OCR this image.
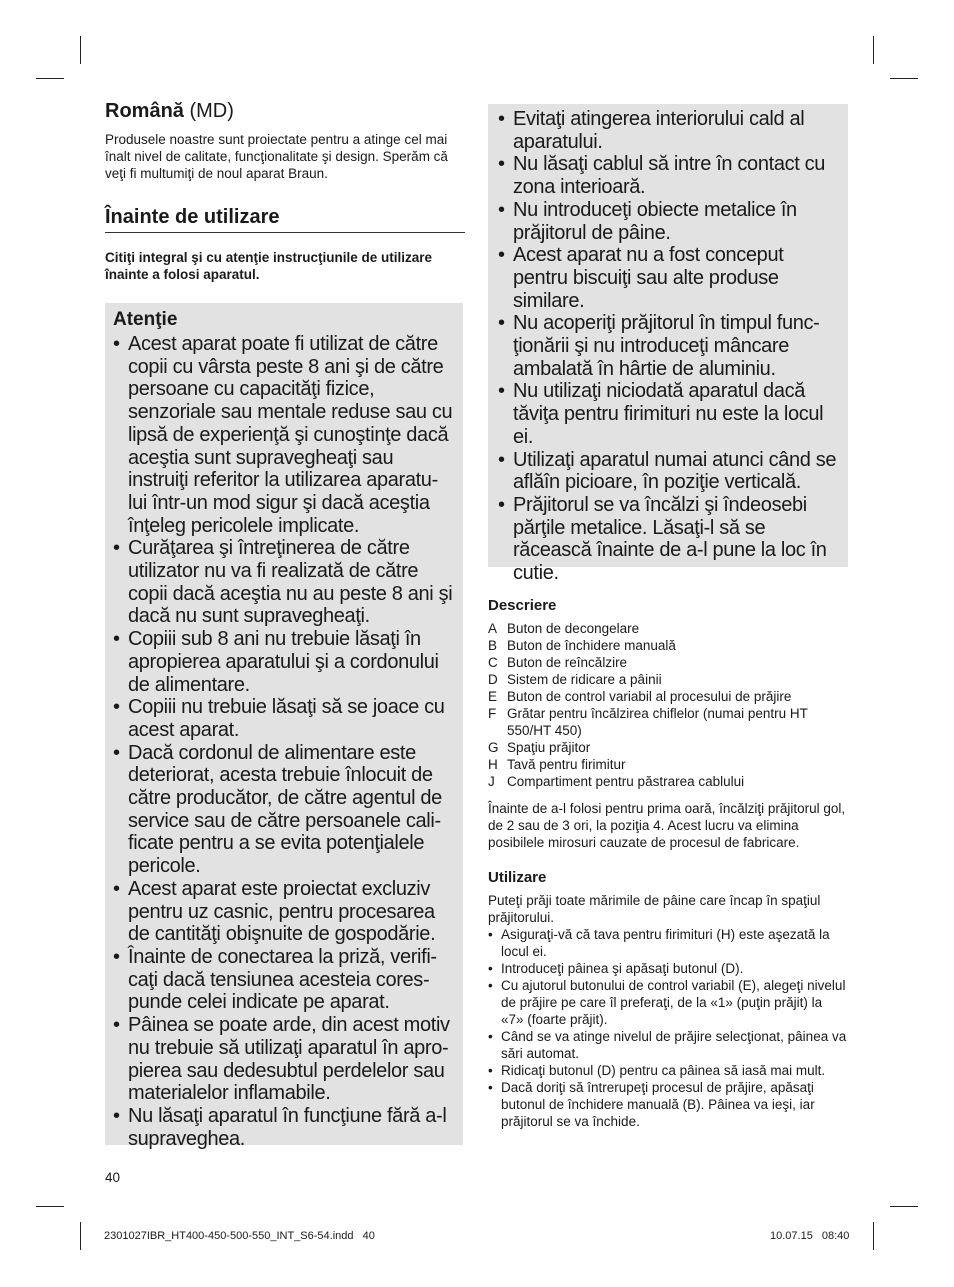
Română (MD)

Produsele noastre sunt proiectate pentru a atinge cel mai înalt nivel de calitate, funcţionalitate şi design. Sperăm că veţi fi multumiţi de noul aparat Braun.

Înainte de utilizare

Citiţi integral şi cu atenţie instrucţiunile de utilizare înainte a folosi aparatul.

Atenţie
• Acest aparat poate fi utilizat de către copii cu vârsta peste 8 ani şi de către persoane cu capacităţi fizice, senzoriale sau mentale reduse sau cu lipsă de experienţă şi cunoştinţe dacă aceştia sunt supravegheaţi sau instruiţi referitor la utilizarea aparatu-lui într-un mod sigur şi dacă aceştia înţeleg pericolele implicate.
• Curăţarea şi întreţinerea de către utilizator nu va fi realizată de către copii dacă aceştia nu au peste 8 ani şi dacă nu sunt supravegheaţi.
• Copiii sub 8 ani nu trebuie lăsaţi în apropierea aparatului şi a cordonului de alimentare.
• Copiii nu trebuie lăsaţi să se joace cu acest aparat.
• Dacă cordonul de alimentare este deteriorat, acesta trebuie înlocuit de către producător, de către agentul de service sau de către persoanele cali-ficate pentru a se evita potenţialele pericole.
• Acest aparat este proiectat excluziv pentru uz casnic, pentru procesarea de cantităţi obişnuite de gospodărie.
• Înainte de conectarea la priză, verifi-caţi dacă tensiunea acesteia cores-punde celei indicate pe aparat.
• Pâinea se poate arde, din acest motiv nu trebuie să utilizaţi aparatul în apro-pierea sau dedesubtul perdelelor sau materialelor inflamabile.
• Nu lăsaţi aparatul în funcţiune fără a-l supraveghea.
• Evitaţi atingerea interiorului cald al aparatului.
• Nu lăsaţi cablul să intre în contact cu zona interioară.
• Nu introduceţi obiecte metalice în prăjitorul de pâine.
• Acest aparat nu a fost conceput pentru biscuiţi sau alte produse similare.
• Nu acoperiţi prăjitorul în timpul func-ţionării şi nu introduceţi mâncare ambalată în hârtie de aluminiu.
• Nu utilizaţi niciodată aparatul dacă tăviţa pentru firimituri nu este la locul ei.
• Utilizaţi aparatul numai atunci când se aflăîn picioare, în poziţie verticală.
• Prăjitorul se va încălzi şi îndeosebi părţile metalice. Lăsaţi-l să se răcească înainte de a-l pune la loc în cutie.
Descriere
A Buton de decongelare
B Buton de închidere manuală
C Buton de reîncălzire
D Sistem de ridicare a pâinii
E Buton de control variabil al procesului de prăjire
F Grătar pentru încălzirea chiflelor (numai pentru HT 550/HT 450)
G Spaţiu prăjitor
H Tavă pentru firimitur
J Compartiment pentru păstrarea cablului

Înainte de a-l folosi pentru prima oară, încălziţi prăjitorul gol, de 2 sau de 3 ori, la poziţia 4. Acest lucru va elimina posibilele mirosuri cauzate de procesul de fabricare.

Utilizare

Puteţi prăji toate mărimile de pâine care încap în spaţiul prăjitorului.

• Asiguraţi-vă că tava pentru firimituri (H) este aşezată la locul ei.
• Introduceţi pâinea şi apăsaţi butonul (D).
• Cu ajutorul butonului de control variabil (E), alegeţi nivelul de prăjire pe care îl preferaţi, de la «1» (puţin prăjit) la «7» (foarte prăjit).
• Când se va atinge nivelul de prăjire selecţionat, pâinea va sări automat.
• Ridicaţi butonul (D) pentru ca pâinea să iasă mai mult.
• Dacă doriţi să întrerupeţi procesul de prăjire, apăsaţi butonul de închidere manuală (B). Pâinea va ieşi, iar prăjitorul se va închide.
40
2301027IBR_HT400-450-500-550_INT_S6-54.indd   40	10.07.15 08:40
